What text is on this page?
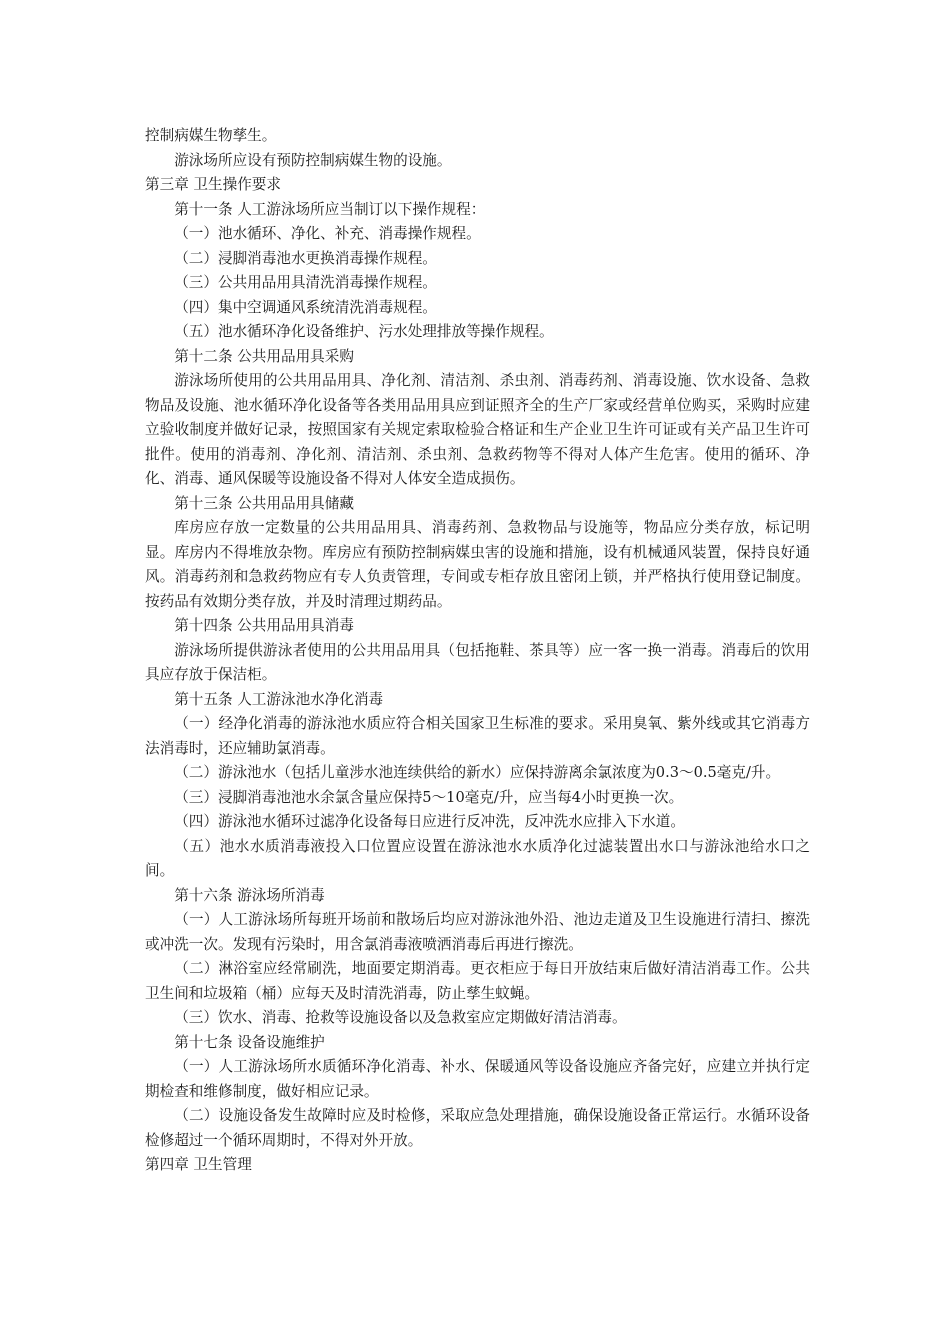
控制病媒生物孳生。

游泳场所应设有预防控制病媒生物的设施。

第三章 卫生操作要求

第十一条 人工游泳场所应当制订以下操作规程：

（一）池水循环、净化、补充、消毒操作规程。

（二）浸脚消毒池水更换消毒操作规程。

（三）公共用品用具清洗消毒操作规程。

（四）集中空调通风系统清洗消毒规程。

（五）池水循环净化设备维护、污水处理排放等操作规程。

第十二条 公共用品用具采购

游泳场所使用的公共用品用具、净化剂、清洁剂、杀虫剂、消毒药剂、消毒设施、饮水设备、急救物品及设施、池水循环净化设备等各类用品用具应到证照齐全的生产厂家或经营单位购买，采购时应建立验收制度并做好记录，按照国家有关规定索取检验合格证和生产企业卫生许可证或有关产品卫生许可批件。使用的消毒剂、净化剂、清洁剂、杀虫剂、急救药物等不得对人体产生危害。使用的循环、净化、消毒、通风保暖等设施设备不得对人体安全造成损伤。

第十三条 公共用品用具储藏

库房应存放一定数量的公共用品用具、消毒药剂、急救物品与设施等，物品应分类存放，标记明显。库房内不得堆放杂物。库房应有预防控制病媒虫害的设施和措施，设有机械通风装置，保持良好通风。消毒药剂和急救药物应有专人负责管理，专间或专柜存放且密闭上锁，并严格执行使用登记制度。按药品有效期分类存放，并及时清理过期药品。

第十四条 公共用品用具消毒

游泳场所提供游泳者使用的公共用品用具（包括拖鞋、茶具等）应一客一换一消毒。消毒后的饮用具应存放于保洁柜。

第十五条 人工游泳池水净化消毒

（一）经净化消毒的游泳池水质应符合相关国家卫生标准的要求。采用臭氧、紫外线或其它消毒方法消毒时，还应辅助氯消毒。

（二）游泳池水（包括儿童涉水池连续供给的新水）应保持游离余氯浓度为0.3～0.5毫克/升。

（三）浸脚消毒池池水余氯含量应保持5～10毫克/升，应当每4小时更换一次。

（四）游泳池水循环过滤净化设备每日应进行反冲洗，反冲洗水应排入下水道。

（五）池水水质消毒液投入口位置应设置在游泳池水水质净化过滤装置出水口与游泳池给水口之间。

第十六条 游泳场所消毒

（一）人工游泳场所每班开场前和散场后均应对游泳池外沿、池边走道及卫生设施进行清扫、擦洗或冲洗一次。发现有污染时，用含氯消毒液喷洒消毒后再进行擦洗。

（二）淋浴室应经常刷洗，地面要定期消毒。更衣柜应于每日开放结束后做好清洁消毒工作。公共卫生间和垃圾箱（桶）应每天及时清洗消毒，防止孳生蚊蝇。

（三）饮水、消毒、抢救等设施设备以及急救室应定期做好清洁消毒。

第十七条 设备设施维护

（一）人工游泳场所水质循环净化消毒、补水、保暖通风等设备设施应齐备完好，应建立并执行定期检查和维修制度，做好相应记录。

（二）设施设备发生故障时应及时检修，采取应急处理措施，确保设施设备正常运行。水循环设备检修超过一个循环周期时，不得对外开放。

第四章 卫生管理
